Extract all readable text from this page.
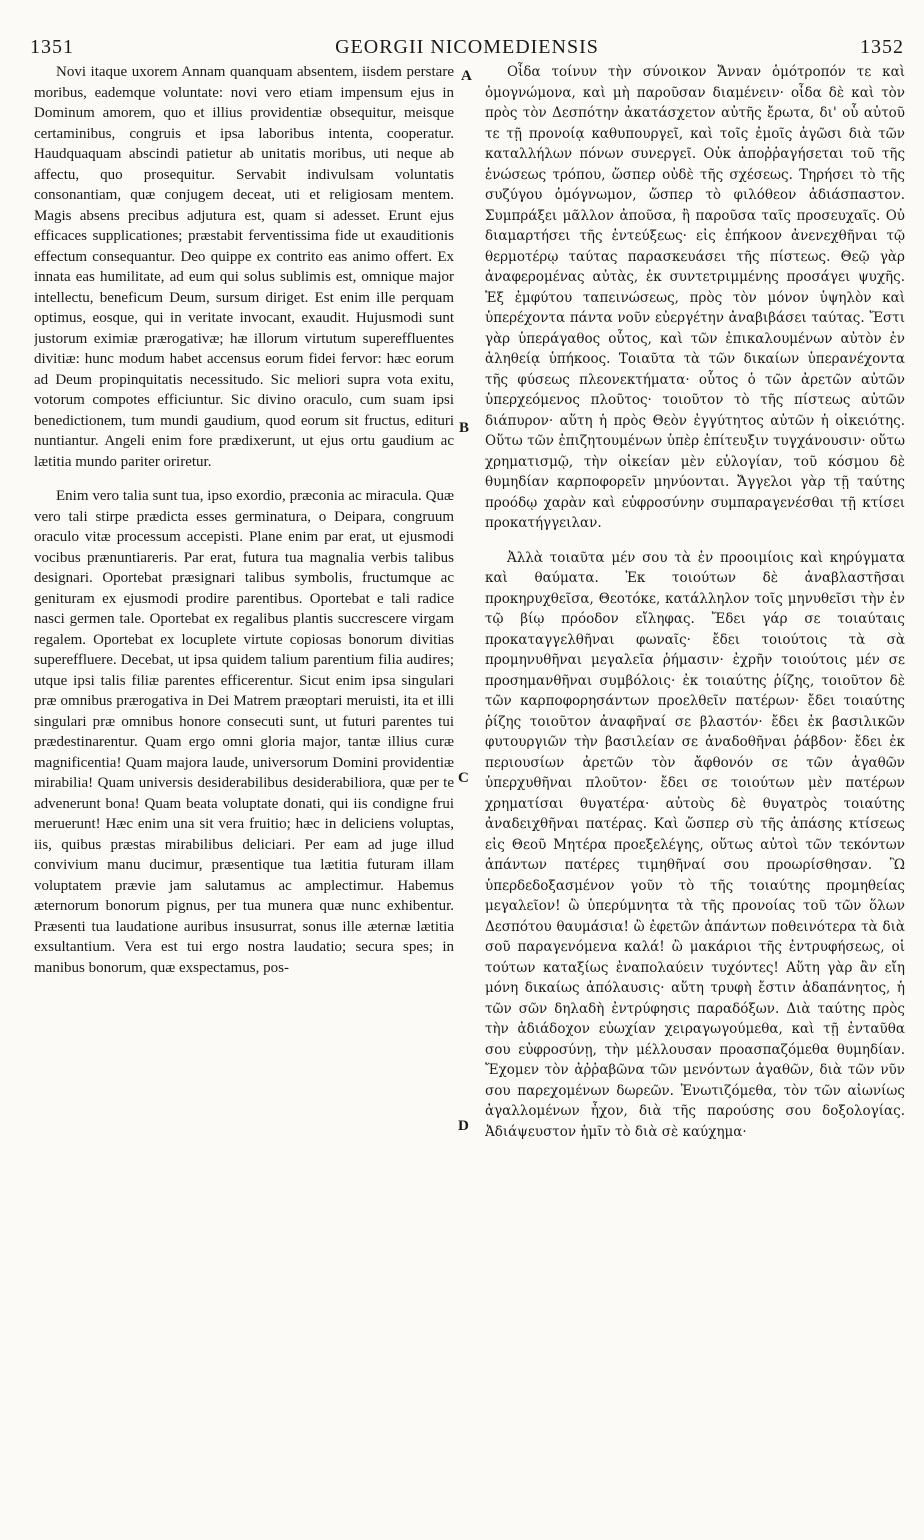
1351	GEORGII NICOMEDIENSIS	1352

Novi itaque uxorem Annam quanquam absentem, iisdem perstare moribus, eademque voluntate: novi vero etiam impensum ejus in Dominum amorem, quo et illius providentiæ obsequitur, meisque certaminibus, congruis et ipsa laboribus intenta, cooperatur. Haudquaquam abscindi patietur ab unitatis moribus, uti neque ab affectu, quo prosequitur. Servabit indivulsam voluntatis consonantiam, quæ conjugem deceat, uti et religiosam mentem. Magis absens precibus adjutura est, quam si adesset. Erunt ejus efficaces supplicationes; præstabit ferventissima fide ut exauditionis effectum consequantur. Deo quippe ex contrito eas animo offert. Ex innata eas humilitate, ad eum qui solus sublimis est, omnique major intellectu, beneficum Deum, sursum diriget. Est enim ille perquam optimus, eosque, qui in veritate invocant, exaudit. Hujusmodi sunt justorum eximiæ prærogativæ; hæ illorum virtutum supereffluentes divitiæ: hunc modum habet accensus eorum fidei fervor: hæc eorum ad Deum propinquitatis necessitudo. Sic meliori supra vota exitu, votorum compotes efficiuntur. Sic divino oraculo, cum suam ipsi benedictionem, tum mundi gaudium, quod eorum sit fructus, edituri nuntiantur. Angeli enim fore prædixerunt, ut ejus ortu gaudium ac lætitia mundo pariter oriretur.

Enim vero talia sunt tua, ipso exordio, præconia ac miracula. Quæ vero tali stirpe prædicta esses germinatura, o Deipara, congruum oraculo vitæ processum accepisti. Plane enim par erat, ut ejusmodi vocibus prænuntiareris. Par erat, futura tua magnalia verbis talibus designari. Oportebat præsignari talibus symbolis, fructumque ac genituram ex ejusmodi prodire parentibus. Oportebat e tali radice nasci germen tale. Oportebat ex regalibus plantis succrescere virgam regalem. Oportebat ex locuplete virtute copiosas bonorum divitias supereffluere. Decebat, ut ipsa quidem talium parentium filia audires; utque ipsi talis filiæ parentes efficerentur. Sicut enim ipsa singulari præ omnibus prærogativa in Dei Matrem præoptari meruisti, ita et illi singulari præ omnibus honore consecuti sunt, ut futuri parentes tui prædestinarentur. Quam ergo omni gloria major, tantæ illius curæ magnificentia! Quam majora laude, universorum Domini providentiæ mirabilia! Quam universis desiderabilibus desiderabiliora, quæ per te advenerunt bona! Quam beata voluptate donati, qui iis condigne frui meruerunt! Hæc enim una sit vera fruitio; hæc in deliciens voluptas, iis, quibus præstas mirabilibus deliciari. Per eam ad juge illud convivium manu ducimur, præsentique tua lætitia futuram illam voluptatem prævie jam salutamus ac amplectimur. Habemus æternorum bonorum pignus, per tua munera quæ nunc exhibentur. Præsenti tua laudatione auribus insusurrat, sonus ille æternæ lætitia exsultantium. Vera est tui ergo nostra laudatio; secura spes; in manibus bonorum, quæ exspectamus, pos-

Οἶδα τοίνυν τὴν σύνοικον Ἄνναν ὁμότροπόν τε καὶ ὁμογνώμονα, καὶ μὴ παροῦσαν διαμένειν· οἶδα δὲ καὶ τὸν πρὸς τὸν Δεσπότην ἀκατάσχετον αὐτῆς ἔρωτα, δι' οὗ αὐτοῦ τε τῇ προνοίᾳ καθυπουργεῖ, καὶ τοῖς ἐμοῖς ἀγῶσι διὰ τῶν καταλλήλων πόνων συνεργεῖ. Οὐκ ἀποῤῥαγήσεται τοῦ τῆς ἑνώσεως τρόπου, ὥσπερ οὐδὲ τῆς σχέσεως. Τηρήσει τὸ τῆς συζύγου ὁμόγνωμον, ὥσπερ τὸ φιλόθεον ἀδιάσπαστον. Συμπράξει μᾶλλον ἀποῦσα, ἢ παροῦσα ταῖς προσευχαῖς. Οὐ διαμαρτήσει τῆς ἐντεύξεως· εἰς ἐπήκοον ἀνενεχθῆναι τῷ θερμοτέρῳ ταύτας παρασκευάσει τῆς πίστεως. Θεῷ γὰρ ἀναφερομένας αὐτὰς, ἐκ συντετριμμένης προσάγει ψυχῆς. Ἐξ ἐμφύτου ταπεινώσεως, πρὸς τὸν μόνον ὑψηλὸν καὶ ὑπερέχοντα πάντα νοῦν εὐεργέτην ἀναβιβάσει ταύτας. Ἔστι γὰρ ὑπεράγαθος οὗτος, καὶ τῶν ἐπικαλουμένων αὐτὸν ἐν ἀληθείᾳ ὑπήκοος. Τοιαῦτα τὰ τῶν δικαίων ὑπερανέχοντα τῆς φύσεως πλεονεκτήματα· οὗτος ὁ τῶν ἀρετῶν αὐτῶν ὑπερχεόμενος πλοῦτος· τοιοῦτον τὸ τῆς πίστεως αὐτῶν διάπυρον· αὕτη ἡ πρὸς Θεὸν ἐγγύτητος αὐτῶν ἡ οἰκειότης. Οὕτω τῶν ἐπιζητουμένων ὑπὲρ ἐπίτευξιν τυγχάνουσιν· οὕτω χρηματισμῷ, τὴν οἰκείαν μὲν εὐλογίαν, τοῦ κόσμου δὲ θυμηδίαν καρποφορεῖν μηνύονται. Ἄγγελοι γὰρ τῇ ταύτης προόδῳ χαρὰν καὶ εὐφροσύνην συμπαραγενέσθαι τῇ κτίσει προκατήγγειλαν.

Ἀλλὰ τοιαῦτα μέν σου τὰ ἐν προοιμίοις καὶ κηρύγματα καὶ θαύματα. Ἐκ τοιούτων δὲ ἀναβλαστῆσαι προκηρυχθεῖσα, Θεοτόκε, κατάλληλον τοῖς μηνυθεῖσι τὴν ἐν τῷ βίῳ πρόοδον εἴληφας. Ἔδει γάρ σε τοιαύταις προκαταγγελθῆναι φωναῖς· ἔδει τοιούτοις τὰ σὰ προμηνυθῆναι μεγαλεῖα ῥήμασιν· ἐχρῆν τοιούτοις μέν σε προσημανθῆναι συμβόλοις· ἐκ τοιαύτης ῥίζης, τοιοῦτον δὲ τῶν καρποφορησάντων προελθεῖν πατέρων· ἔδει τοιαύτης ῥίζης τοιοῦτον ἀναφῆναί σε βλαστόν· ἔδει ἐκ βασιλικῶν φυτουργιῶν τὴν βασιλείαν σε ἀναδοθῆναι ῥάβδον· ἔδει ἐκ περιουσίων ἀρετῶν τὸν ἄφθονόν σε τῶν ἀγαθῶν ὑπερχυθῆναι πλοῦτον· ἔδει σε τοιούτων μὲν πατέρων χρηματίσαι θυγατέρα· αὐτοὺς δὲ θυγατρὸς τοιαύτης ἀναδειχθῆναι πατέρας. Καὶ ὥσπερ σὺ τῆς ἁπάσης κτίσεως εἰς Θεοῦ Μητέρα προεξελέγης, οὕτως αὐτοὶ τῶν τεκόντων ἁπάντων πατέρες τιμηθῆναί σου προωρίσθησαν. Ὢ ὑπερδεδοξασμένον γοῦν τὸ τῆς τοιαύτης προμηθείας μεγαλεῖον! ὢ ὑπερύμνητα τὰ τῆς προνοίας τοῦ τῶν ὅλων Δεσπότου θαυμάσια! ὢ ἐφετῶν ἁπάντων ποθεινότερα τὰ διὰ σοῦ παραγενόμενα καλά! ὢ μακάριοι τῆς ἐντρυφήσεως, οἱ τούτων καταξίως ἐναπολαύειν τυχόντες! Αὕτη γὰρ ἂν εἴη μόνη δικαίως ἀπόλαυσις· αὕτη τρυφὴ ἔστιν ἀδαπάνητος, ἡ τῶν σῶν δηλαδὴ ἐντρύφησις παραδόξων. Διὰ ταύτης πρὸς τὴν ἀδιάδοχον εὐωχίαν χειραγωγούμεθα, καὶ τῇ ἐνταῦθα σου εὐφροσύνῃ, τὴν μέλλουσαν προασπαζόμεθα θυμηδίαν. Ἔχομεν τὸν ἀῤῥαβῶνα τῶν μενόντων ἀγαθῶν, διὰ τῶν νῦν σου παρεχομένων δωρεῶν. Ἐνωτιζόμεθα, τὸν τῶν αἰωνίως ἀγαλλομένων ἦχον, διὰ τῆς παρούσης σου δοξολογίας. Ἀδιάψευστον ἡμῖν τὸ διὰ σὲ καύχημα·

A
B
C
D
